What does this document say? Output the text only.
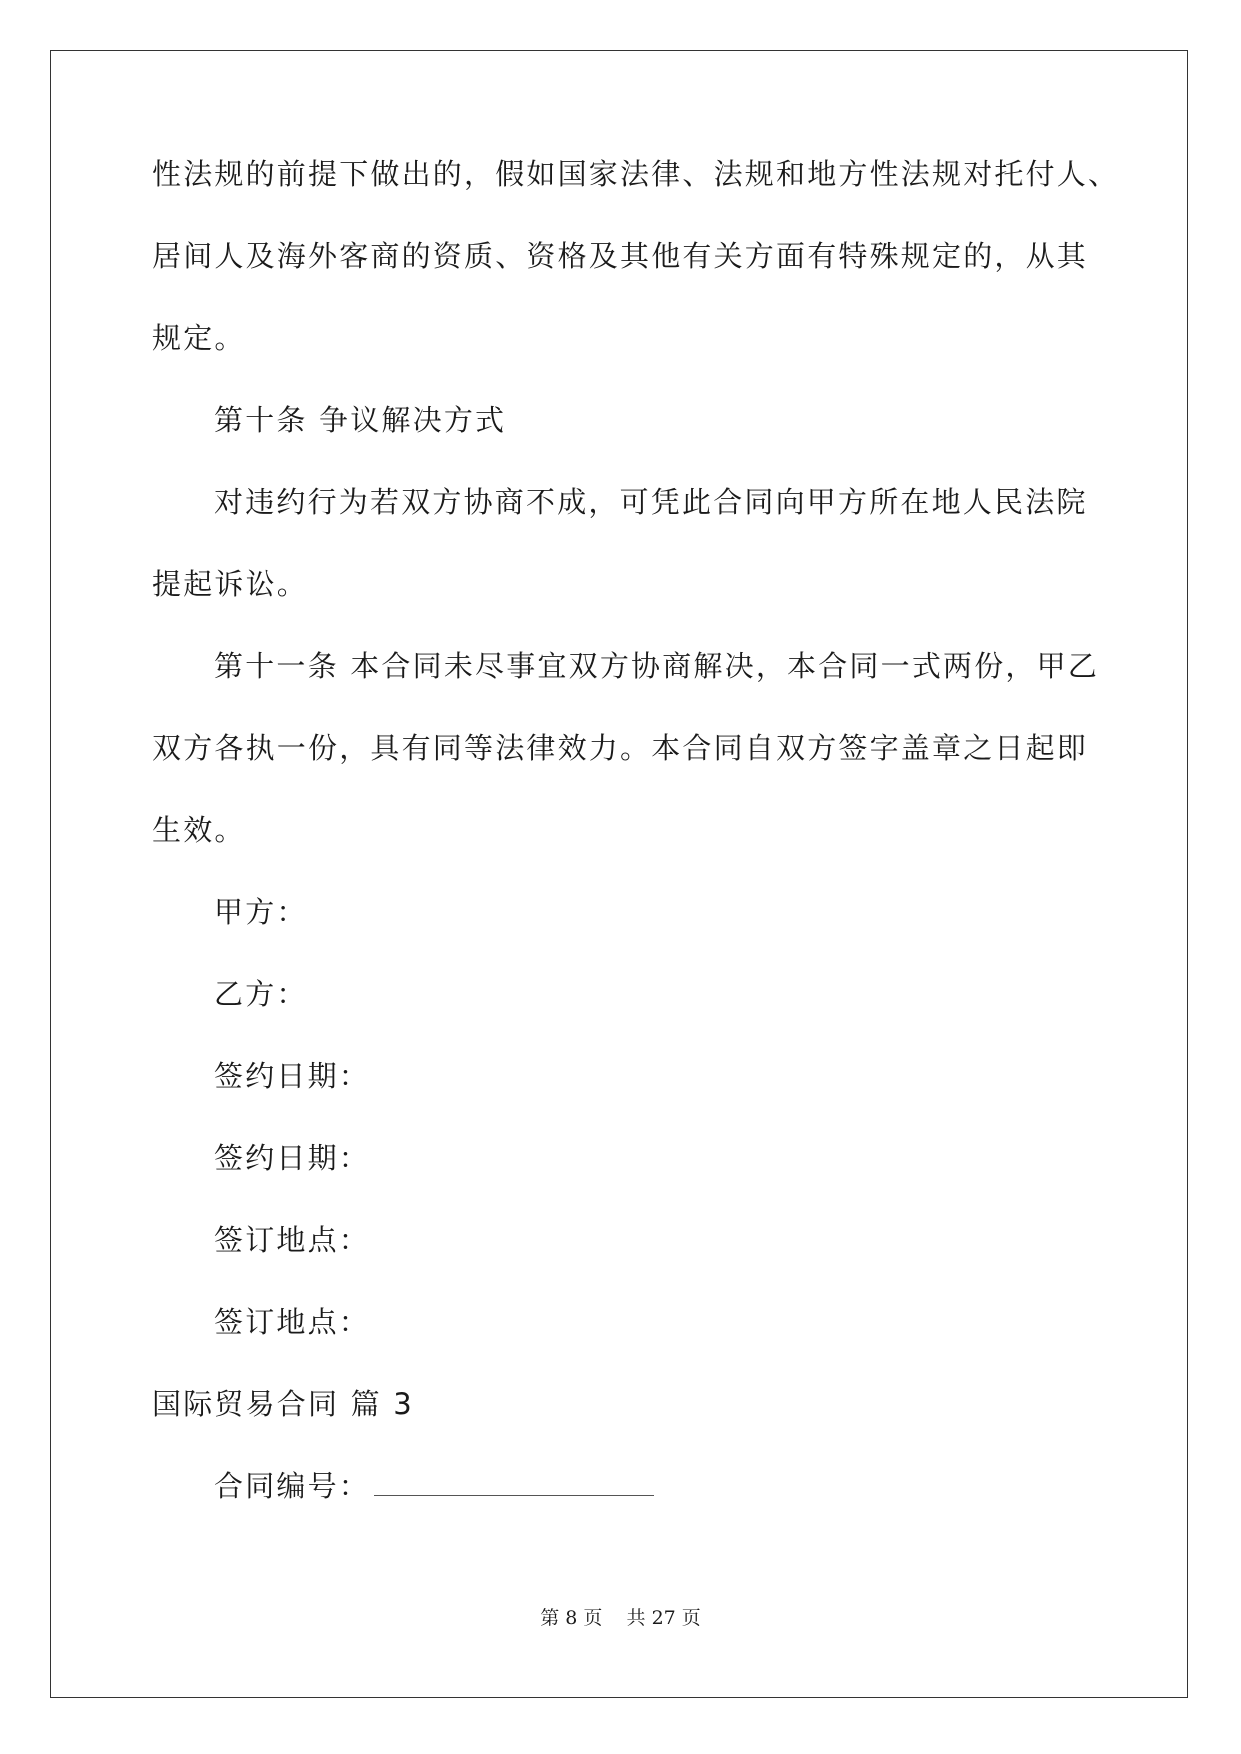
性法规的前提下做出的，假如国家法律、法规和地方性法规对托付人、
居间人及海外客商的资质、资格及其他有关方面有特殊规定的，从其
规定。
第十条 争议解决方式
对违约行为若双方协商不成，可凭此合同向甲方所在地人民法院
提起诉讼。
第十一条 本合同未尽事宜双方协商解决，本合同一式两份，甲乙
双方各执一份，具有同等法律效力。本合同自双方签字盖章之日起即
生效。
甲方：
乙方：
签约日期：
签约日期：
签订地点：
签订地点：
国际贸易合同 篇 3
合同编号：
第 8 页    共 27 页
